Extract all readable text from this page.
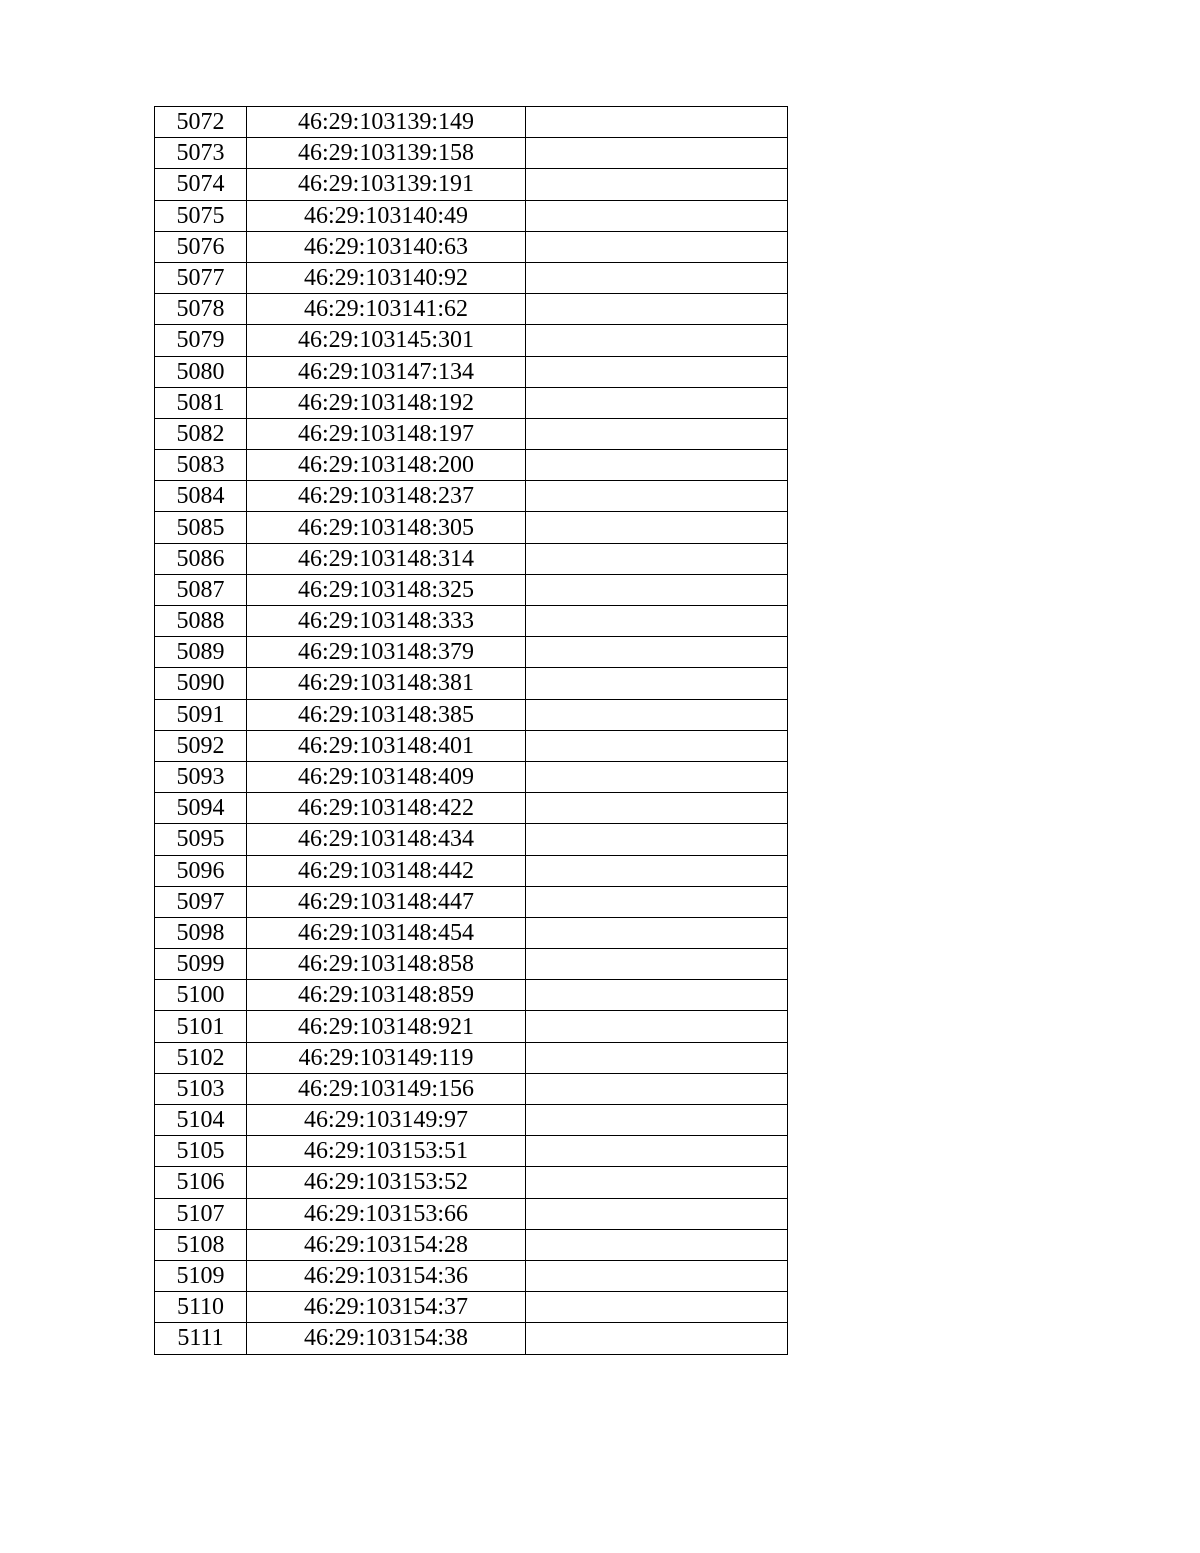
5072	46:29:103139:149	
5073	46:29:103139:158	
5074	46:29:103139:191	
5075	46:29:103140:49	
5076	46:29:103140:63	
5077	46:29:103140:92	
5078	46:29:103141:62	
5079	46:29:103145:301	
5080	46:29:103147:134	
5081	46:29:103148:192	
5082	46:29:103148:197	
5083	46:29:103148:200	
5084	46:29:103148:237	
5085	46:29:103148:305	
5086	46:29:103148:314	
5087	46:29:103148:325	
5088	46:29:103148:333	
5089	46:29:103148:379	
5090	46:29:103148:381	
5091	46:29:103148:385	
5092	46:29:103148:401	
5093	46:29:103148:409	
5094	46:29:103148:422	
5095	46:29:103148:434	
5096	46:29:103148:442	
5097	46:29:103148:447	
5098	46:29:103148:454	
5099	46:29:103148:858	
5100	46:29:103148:859	
5101	46:29:103148:921	
5102	46:29:103149:119	
5103	46:29:103149:156	
5104	46:29:103149:97	
5105	46:29:103153:51	
5106	46:29:103153:52	
5107	46:29:103153:66	
5108	46:29:103154:28	
5109	46:29:103154:36	
5110	46:29:103154:37	
5111	46:29:103154:38	
